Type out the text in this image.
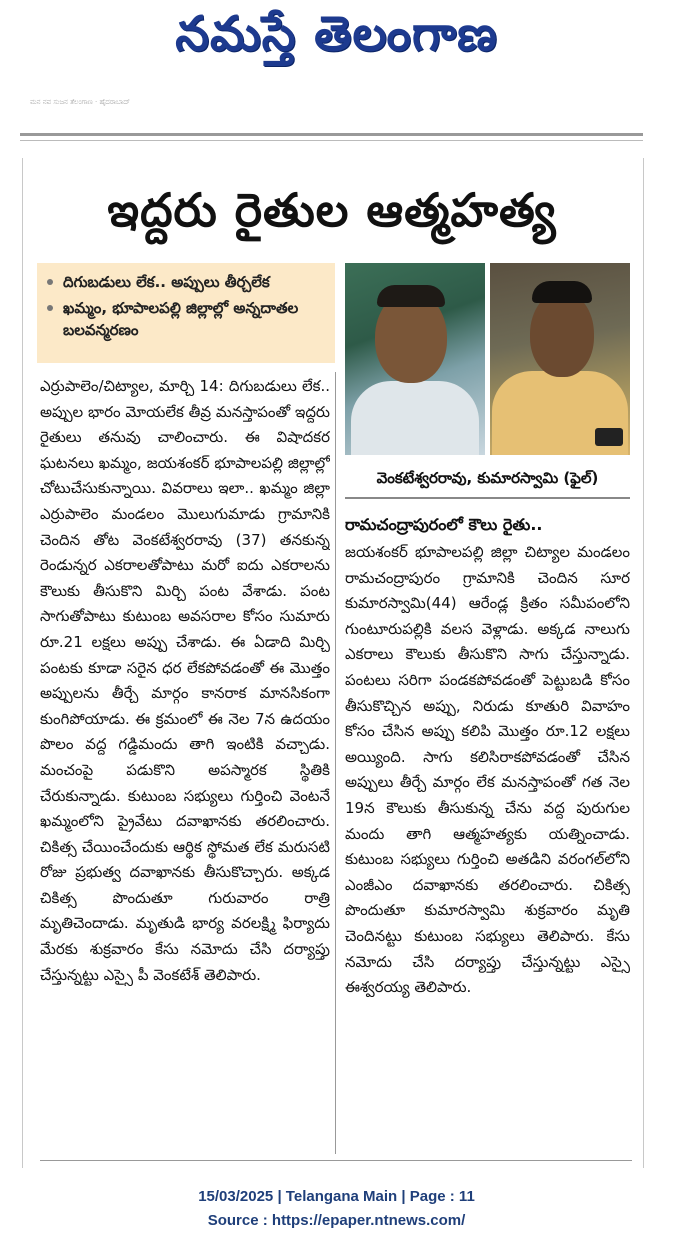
నమస్తే తెలంగాణ
ಮನ ನವ ಸುಜನ ತೆಲಂಗಾಣ · ಹೈದರಾಬಾದ್
ఇద్దరు రైతుల ఆత్మహత్య
దిగుబడులు లేక.. అప్పులు తీర్చలేక
ఖమ్మం, భూపాలపల్లి జిల్లాల్లో అన్నదాతల బలవన్మరణం
వెంకటేశ్వరరావు, కుమారస్వామి (ఫైల్)
ఎర్రుపాలెం/చిట్యాల, మార్చి 14: దిగుబడులు లేక.. అప్పుల భారం మోయలేక తీవ్ర మనస్తాపంతో ఇద్దరు రైతులు తనువు చాలించారు. ఈ విషాదకర ఘటనలు ఖమ్మం, జయశంకర్ భూపాలపల్లి జిల్లాల్లో చోటుచేసుకున్నాయి. వివరాలు ఇలా.. ఖమ్మం జిల్లా ఎర్రుపాలెం మండలం మొలుగుమాడు గ్రామానికి చెందిన తోట వెంకటేశ్వరరావు (37) తనకున్న రెండున్నర ఎకరాలతోపాటు మరో ఐదు ఎకరాలను కౌలుకు తీసుకొని మిర్చి పంట వేశాడు. పంట సాగుతోపాటు కుటుంబ అవసరాల కోసం సుమారు రూ.21 లక్షలు అప్పు చేశాడు. ఈ ఏడాది మిర్చి పంటకు కూడా సరైన ధర లేకపోవడంతో ఈ మొత్తం అప్పులను తీర్చే మార్గం కానరాక మానసికంగా కుంగిపోయాడు. ఈ క్రమంలో ఈ నెల 7న ఉదయం పొలం వద్ద గడ్డిమందు తాగి ఇంటికి వచ్చాడు. మంచంపై పడుకొని అపస్మారక స్థితికి చేరుకున్నాడు. కుటుంబ సభ్యులు గుర్తించి వెంటనే ఖమ్మంలోని ప్రైవేటు దవాఖానకు తరలించారు. చికిత్స చేయించేందుకు ఆర్థిక స్థోమత లేక మరుసటి రోజు ప్రభుత్వ దవాఖానకు తీసుకొచ్చారు. అక్కడ చికిత్స పొందుతూ గురువారం రాత్రి మృతిచెందాడు. మృతుడి భార్య వరలక్ష్మి ఫిర్యాదు మేరకు శుక్రవారం కేసు నమోదు చేసి దర్యాప్తు చేస్తున్నట్టు ఎస్సై పీ వెంకటేశ్ తెలిపారు.
రామచంద్రాపురంలో కౌలు రైతు..
జయశంకర్ భూపాలపల్లి జిల్లా చిట్యాల మండలం రామచంద్రాపురం గ్రామానికి చెందిన సూర కుమారస్వామి(44) ఆరేండ్ల క్రితం సమీపంలోని గుంటూరుపల్లికి వలస వెళ్లాడు. అక్కడ నాలుగు ఎకరాలు కౌలుకు తీసుకొని సాగు చేస్తున్నాడు. పంటలు సరిగా పండకపోవడంతో పెట్టుబడి కోసం తీసుకొచ్చిన అప్పు, నిరుడు కూతురి వివాహం కోసం చేసిన అప్పు కలిపి మొత్తం రూ.12 లక్షలు అయ్యింది. సాగు కలిసిరాకపోవడంతో చేసిన అప్పులు తీర్చే మార్గం లేక మనస్తాపంతో గత నెల 19న కౌలుకు తీసుకున్న చేను వద్ద పురుగుల మందు తాగి ఆత్మహత్యకు యత్నించాడు. కుటుంబ సభ్యులు గుర్తించి అతడిని వరంగల్‌లోని ఎంజీఎం దవాఖానకు తరలించారు. చికిత్స పొందుతూ కుమారస్వామి శుక్రవారం మృతి చెందినట్టు కుటుంబ సభ్యులు తెలిపారు. కేసు నమోదు చేసి దర్యాప్తు చేస్తున్నట్టు ఎస్సై ఈశ్వరయ్య తెలిపారు.
15/03/2025 | Telangana Main | Page : 11
Source : https://epaper.ntnews.com/
